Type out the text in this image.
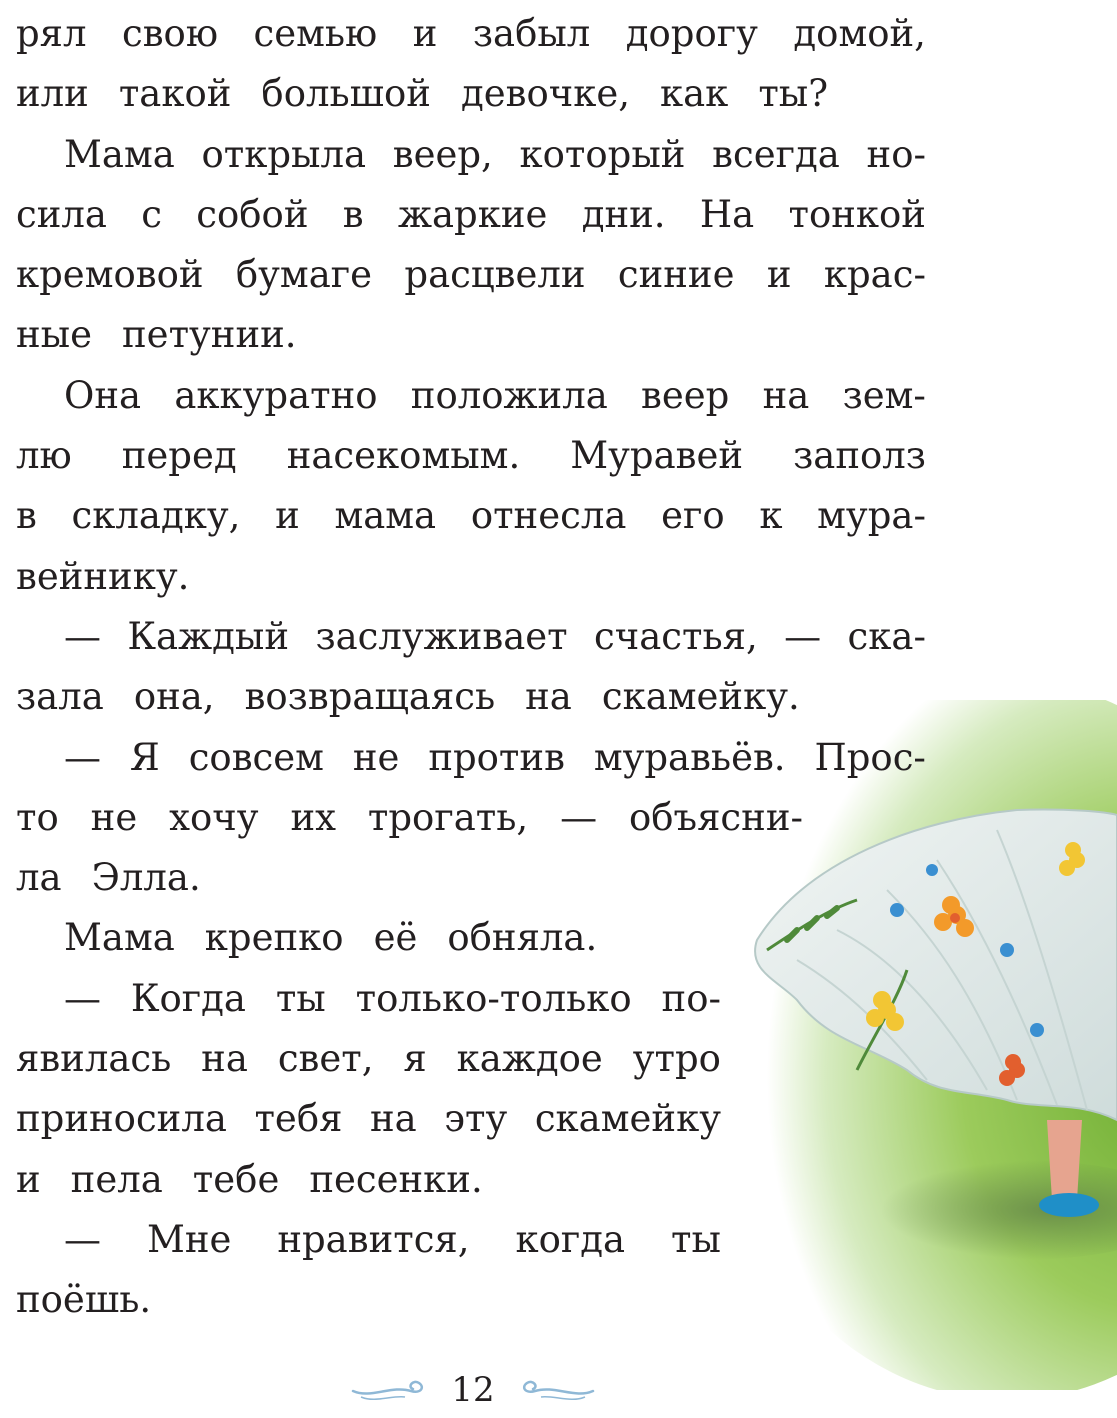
рял свою семью и забыл дорогу домой,
или такой большой девочке, как ты?
Мама открыла веер, который всегда но-
сила с собой в жаркие дни. На тонкой
кремовой бумаге расцвели синие и крас-
ные петунии.
Она аккуратно положила веер на зем-
лю перед насекомым. Муравей заполз
в складку, и мама отнесла его к мура-
вейнику.
— Каждый заслуживает счастья, — ска-
зала она, возвращаясь на скамейку.
— Я совсем не против муравьёв. Прос-
то не хочу их трогать, — объясни-
ла Элла.
Мама крепко её обняла.
— Когда ты только-только по-
явилась на свет, я каждое утро
приносила тебя на эту скамейку
и пела тебе песенки.
— Мне нравится, когда ты
поёшь.
12
